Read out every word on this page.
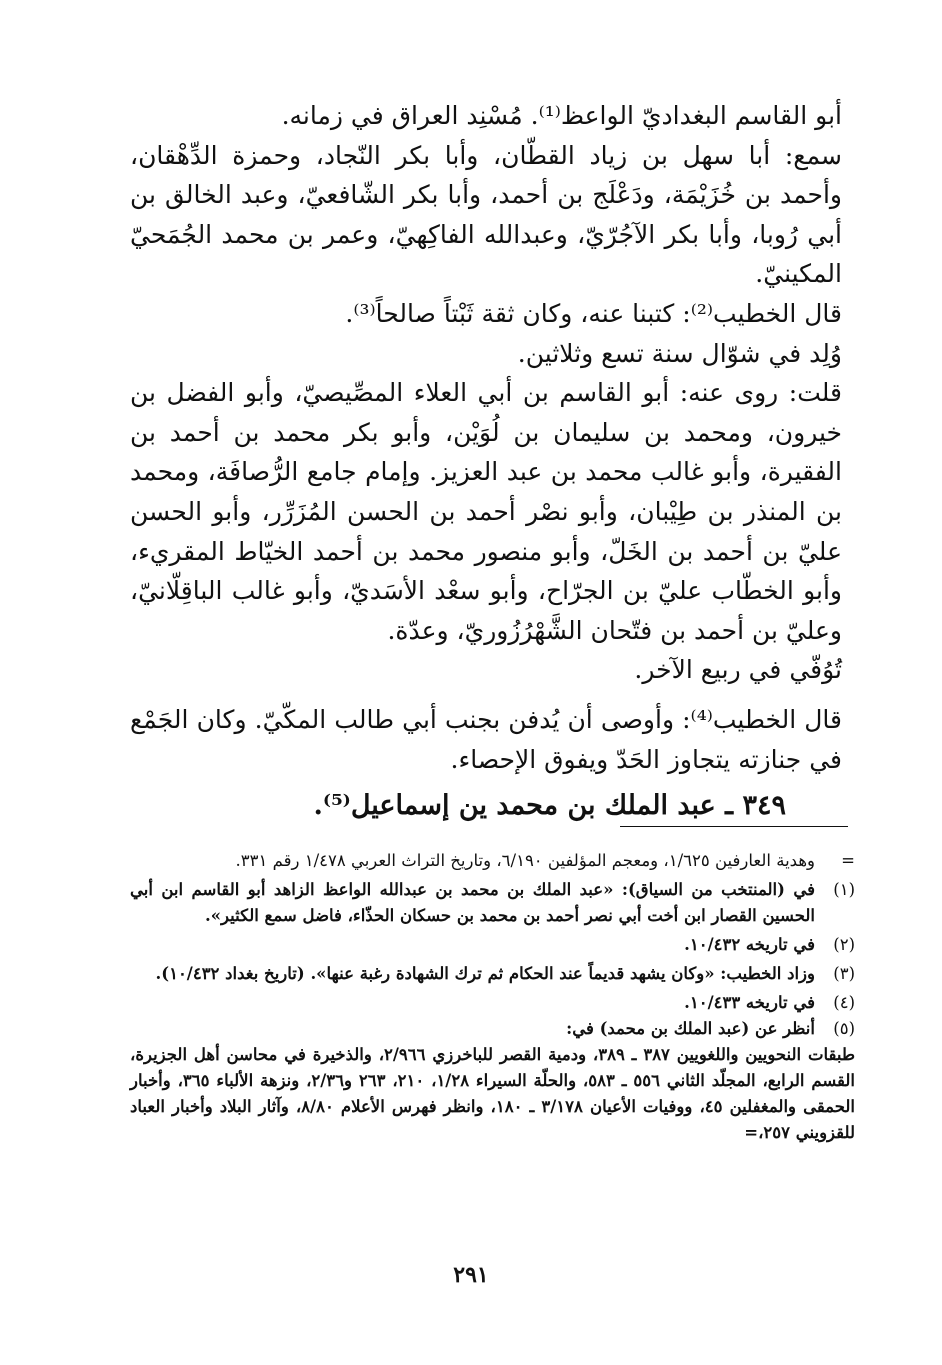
أبو القاسم البغداديّ الواعظ⁽¹⁾. مُسْنِد العراق في زمانه.

سمع: أبا سهل بن زياد القطّان، وأبا بكر النّجاد، وحمزة الدِّهْقان، وأحمد بن خُزَيْمَة، ودَعْلَج بن أحمد، وأبا بكر الشّافعيّ، وعبد الخالق بن أبي رُوبا، وأبا بكر الآجُرّيّ، وعبدالله الفاكِهيّ، وعمر بن محمد الجُمَحيّ المكينيّ.

قال الخطيب⁽²⁾: كتبنا عنه، وكان ثقة ثَبْتاً صالحاً⁽³⁾.

وُلِد في شوّال سنة تسع وثلاثين.

قلت: روى عنه: أبو القاسم بن أبي العلاء المصِّيصيّ، وأبو الفضل بن خيرون، ومحمد بن سليمان بن لُوَيْن، وأبو بكر محمد بن أحمد بن الفقيرة، وأبو غالب محمد بن عبد العزيز. وإمام جامع الرُّصافَة، ومحمد بن المنذر بن طِيْبان، وأبو نصْر أحمد بن الحسن المُزَرِّر، وأبو الحسن عليّ بن أحمد بن الخَلّ، وأبو منصور محمد بن أحمد الخيّاط المقريء، وأبو الخطّاب عليّ بن الجرّاح، وأبو سعْد الأسَديّ، وأبو غالب الباقِلّانيّ، وعليّ بن أحمد بن فتّحان الشَّهْرُزُوريّ، وعدّة.

تُوُفّي في ربيع الآخر.

قال الخطيب⁽⁴⁾: وأوصى أن يُدفن بجنب أبي طالب المكّيّ. وكان الجَمْع في جنازته يتجاوز الحَدّ ويفوق الإحصاء.

٣٤٩ ـ عبد الملك بن محمد ين إسماعيل⁽⁵⁾.

=
وهدية العارفين ١/٦٢٥، ومعجم المؤلفين ٦/١٩٠، وتاريخ التراث العربي ١/٤٧٨ رقم ٣٣١.
(١)
في (المنتخب من السياق): «عبد الملك بن محمد بن عبدالله الواعظ الزاهد أبو القاسم ابن أبي الحسين القصار ابن أخت أبي نصر أحمد بن محمد بن حسكان الحذّاء، فاضل سمع الكثير».
(٢)
في تاريخه ١٠/٤٣٢.
(٣)
وزاد الخطيب: «وكان يشهد قديماً عند الحكام ثم ترك الشهادة رغبة عنها». (تاريخ بغداد ١٠/٤٣٢).
(٤)
في تاريخه ١٠/٤٣٣.
(٥)
أنظر عن (عبد الملك بن محمد) في:
طبقات النحويين واللغويين ٣٨٧ ـ ٣٨٩، ودمية القصر للباخرزي ٢/٩٦٦، والذخيرة في محاسن أهل الجزيرة، القسم الرابع، المجلّد الثاني ٥٥٦ ـ ٥٨٣، والحلّة السيراء ١/٢٨، ٢١٠، ٢٦٣ و٢/٣٦، ونزهة الألباء ٣٦٥، وأخبار الحمقى والمغفلين ٤٥، ووفيات الأعيان ٣/١٧٨ ـ ١٨٠، وانظر فهرس الأعلام ٨/٨٠، وآثار البلاد وأخبار العباد للقزويني ٢٥٧،=
٢٩١
